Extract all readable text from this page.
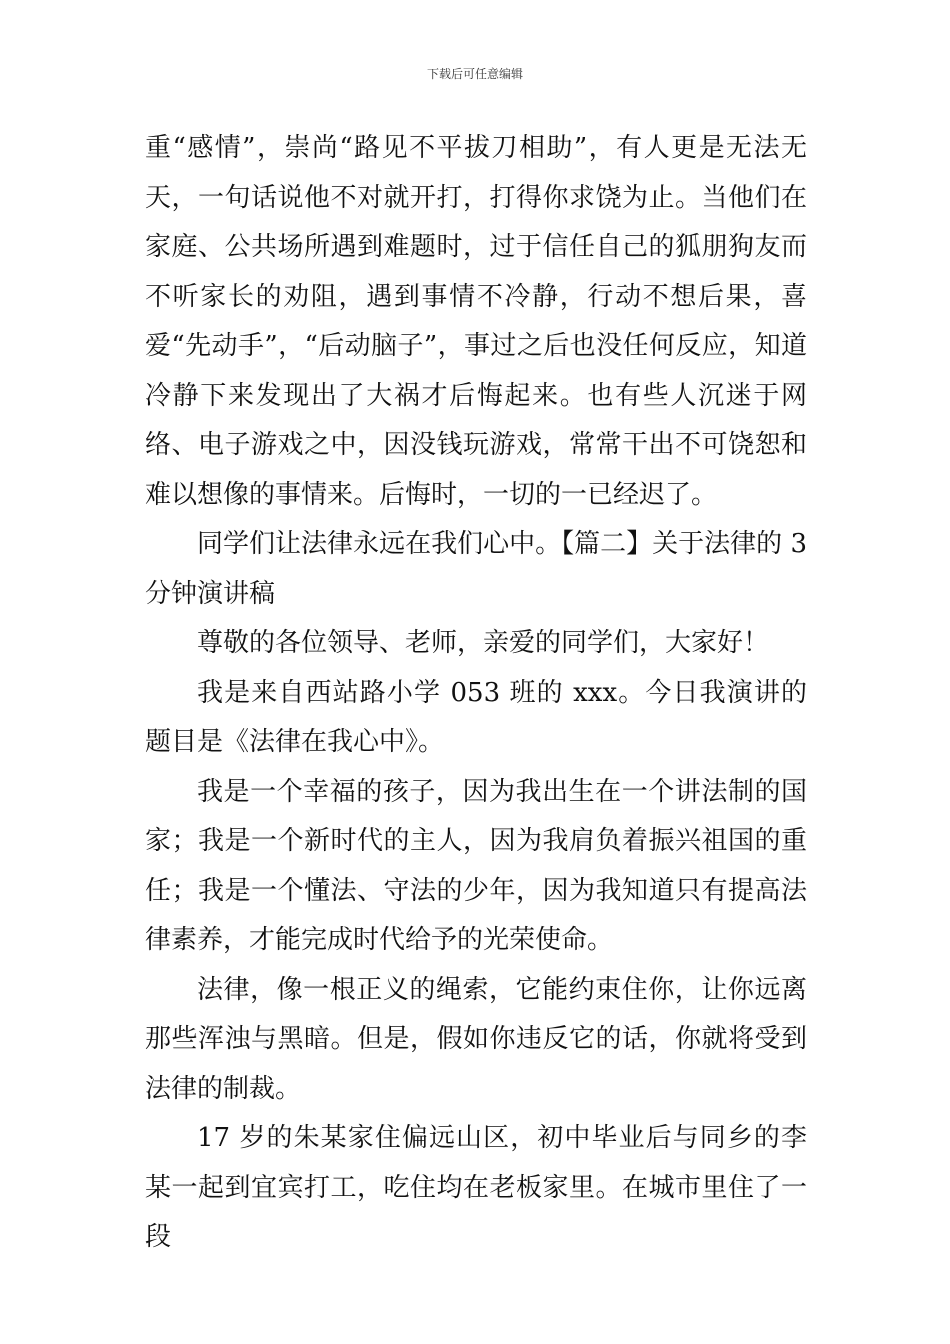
下载后可任意编辑

重“感情”，崇尚“路见不平拔刀相助”，有人更是无法无天，一句话说他不对就开打，打得你求饶为止。当他们在家庭、公共场所遇到难题时，过于信任自己的狐朋狗友而不听家长的劝阻，遇到事情不冷静，行动不想后果，喜爱“先动手”，“后动脑子”，事过之后也没任何反应，知道冷静下来发现出了大祸才后悔起来。也有些人沉迷于网络、电子游戏之中，因没钱玩游戏，常常干出不可饶恕和难以想像的事情来。后悔时，一切的一已经迟了。

同学们让法律永远在我们心中。【篇二】关于法律的 3 分钟演讲稿

尊敬的各位领导、老师，亲爱的同学们，大家好！

我是来自西站路小学 053 班的 xxx。今日我演讲的题目是《法律在我心中》。

我是一个幸福的孩子，因为我出生在一个讲法制的国家；我是一个新时代的主人，因为我肩负着振兴祖国的重任；我是一个懂法、守法的少年，因为我知道只有提高法律素养，才能完成时代给予的光荣使命。

法律，像一根正义的绳索，它能约束住你，让你远离那些浑浊与黑暗。但是，假如你违反它的话，你就将受到法律的制裁。

17 岁的朱某家住偏远山区，初中毕业后与同乡的李某一起到宜宾打工，吃住均在老板家里。在城市里住了一段
